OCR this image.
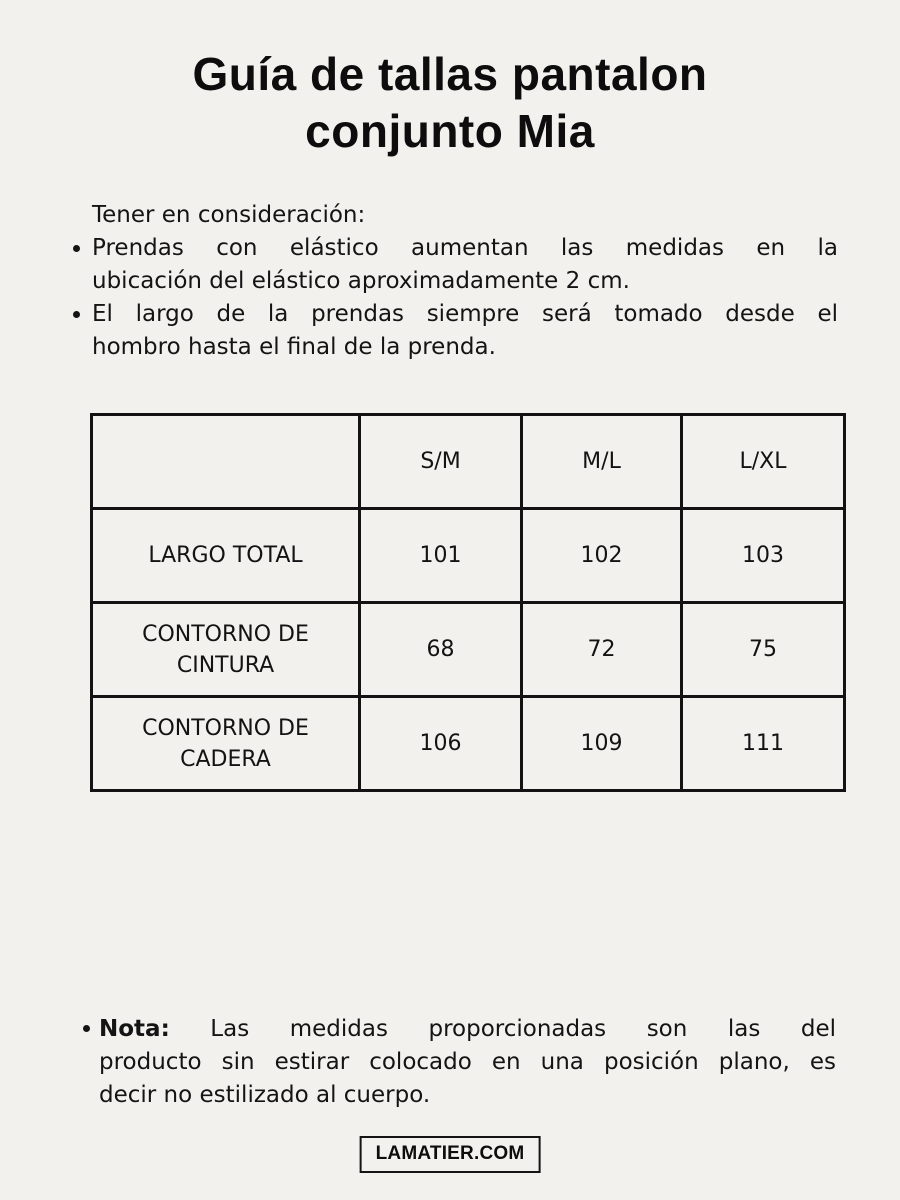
Guía de tallas pantalon
conjunto Mia
Tener en consideración:
Prendas con elástico aumentan las medidas en la
ubicación del elástico aproximadamente 2 cm.
El largo de la prendas siempre será tomado desde el
hombro hasta el final de la prenda.
	S/M	M/L	L/XL
LARGO TOTAL	101	102	103
CONTORNO DE CINTURA	68	72	75
CONTORNO DE CADERA	106	109	111
Nota: Las medidas proporcionadas son las del
producto sin estirar colocado en una posición plano, es
decir no estilizado al cuerpo.
LAMATIER.COM
